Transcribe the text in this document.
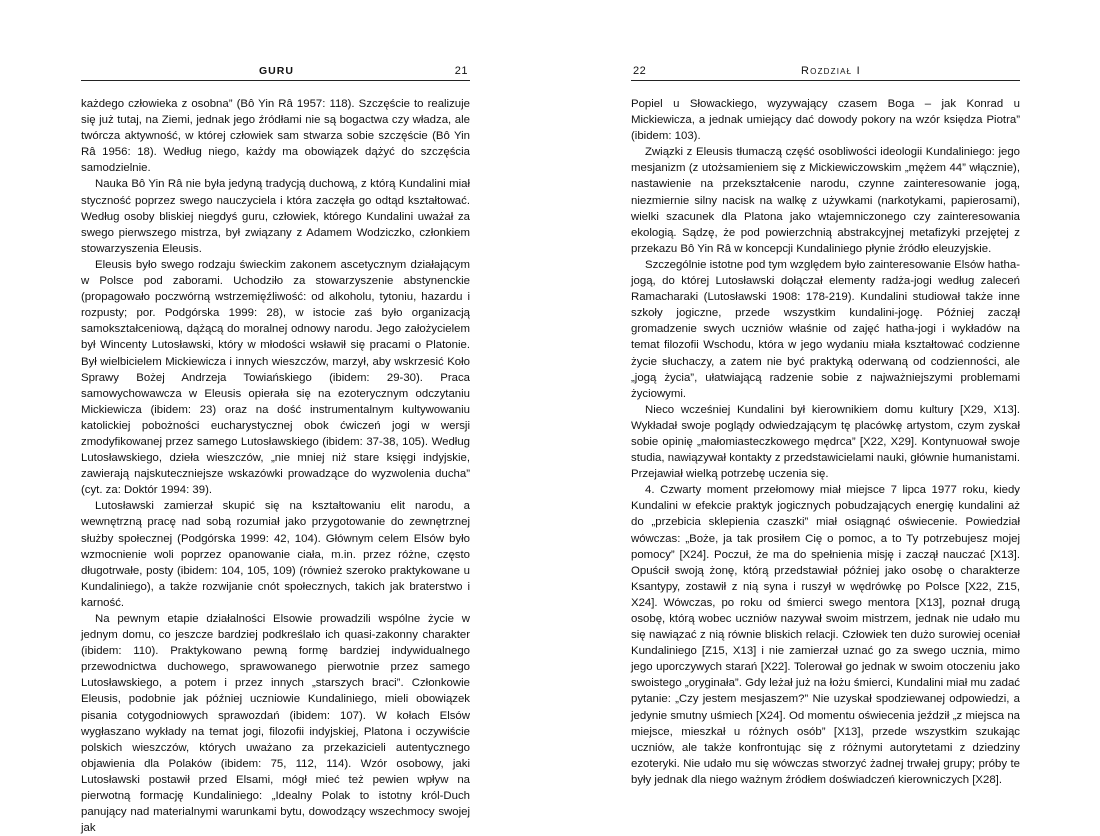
GURU	21

każdego człowieka z osobna” (Bô Yin Râ 1957: 118). Szczęście to realizuje się już tutaj, na Ziemi, jednak jego źródłami nie są bogactwa czy władza, ale twórcza aktywność, w której człowiek sam stwarza sobie szczęście (Bô Yin Râ 1956: 18). Według niego, każdy ma obowiązek dążyć do szczęścia samodzielnie.

Nauka Bô Yin Râ nie była jedyną tradycją duchową, z którą Kundalini miał styczność poprzez swego nauczyciela i która zaczęła go odtąd kształtować. Według osoby bliskiej niegdyś guru, człowiek, którego Kundalini uważał za swego pierwszego mistrza, był związany z Adamem Wodziczko, członkiem stowarzyszenia Eleusis.

Eleusis było swego rodzaju świeckim zakonem ascetycznym działającym w Polsce pod zaborami. Uchodziło za stowarzyszenie abstynenckie (propagowało poczwórną wstrzemięźliwość: od alkoholu, tytoniu, hazardu i rozpusty; por. Podgórska 1999: 28), w istocie zaś było organizacją samokształceniową, dążącą do moralnej odnowy narodu. Jego założycielem był Wincenty Lutosławski, który w młodości wsławił się pracami o Platonie. Był wielbicielem Mickiewicza i innych wieszczów, marzył, aby wskrzesić Koło Sprawy Bożej Andrzeja Towiańskiego (ibidem: 29-30). Praca samowychowawcza w Eleusis opierała się na ezoterycznym odczytaniu Mickiewicza (ibidem: 23) oraz na dość instrumentalnym kultywowaniu katolickiej pobożności eucharystycznej obok ćwiczeń jogi w wersji zmodyfikowanej przez samego Lutosławskiego (ibidem: 37-38, 105). Według Lutosławskiego, dzieła wieszczów, „nie mniej niż stare księgi indyjskie, zawierają najskuteczniejsze wskazówki prowadzące do wyzwolenia ducha” (cyt. za: Doktór 1994: 39).

Lutosławski zamierzał skupić się na kształtowaniu elit narodu, a wewnętrzną pracę nad sobą rozumiał jako przygotowanie do zewnętrznej służby społecznej (Podgórska 1999: 42, 104). Głównym celem Elsów było wzmocnienie woli poprzez opanowanie ciała, m.in. przez różne, często długotrwałe, posty (ibidem: 104, 105, 109) (również szeroko praktykowane u Kundaliniego), a także rozwijanie cnót społecznych, takich jak braterstwo i karność.

Na pewnym etapie działalności Elsowie prowadzili wspólne życie w jednym domu, co jeszcze bardziej podkreślało ich quasi-zakonny charakter (ibidem: 110). Praktykowano pewną formę bardziej indywidualnego przewodnictwa duchowego, sprawowanego pierwotnie przez samego Lutosławskiego, a potem i przez innych „starszych braci”. Członkowie Eleusis, podobnie jak później uczniowie Kundaliniego, mieli obowiązek pisania cotygodniowych sprawozdań (ibidem: 107). W kołach Elsów wygłaszano wykłady na temat jogi, filozofii indyjskiej, Platona i oczywiście polskich wieszczów, których uważano za przekazicieli autentycznego objawienia dla Polaków (ibidem: 75, 112, 114). Wzór osobowy, jaki Lutosławski postawił przed Elsami, mógł mieć też pewien wpływ na pierwotną formację Kundaliniego: „Idealny Polak to istotny król-Duch panujący nad materialnymi warunkami bytu, dowodzący wszechmocy swojej jak

22	Rozdział I

Popiel u Słowackiego, wyzywający czasem Boga – jak Konrad u Mickiewicza, a jednak umiejący dać dowody pokory na wzór księdza Piotra” (ibidem: 103).

Związki z Eleusis tłumaczą część osobliwości ideologii Kundaliniego: jego mesjanizm (z utożsamieniem się z Mickiewiczowskim „mężem 44” włącznie), nastawienie na przekształcenie narodu, czynne zainteresowanie jogą, niezmiernie silny nacisk na walkę z używkami (narkotykami, papierosami), wielki szacunek dla Platona jako wtajemniczonego czy zainteresowania ekologią. Sądzę, że pod powierzchnią abstrakcyjnej metafizyki przejętej z przekazu Bô Yin Râ w koncepcji Kundaliniego płynie źródło eleuzyjskie.

Szczególnie istotne pod tym względem było zainteresowanie Elsów hatha-jogą, do której Lutosławski dołączał elementy radża-jogi według zaleceń Ramacharaki (Lutosławski 1908: 178-219). Kundalini studiował także inne szkoły jogiczne, przede wszystkim kundalini-jogę. Później zaczął gromadzenie swych uczniów właśnie od zajęć hatha-jogi i wykładów na temat filozofii Wschodu, która w jego wydaniu miała kształtować codzienne życie słuchaczy, a zatem nie być praktyką oderwaną od codzienności, ale „jogą życia”, ułatwiającą radzenie sobie z najważniejszymi problemami życiowymi.

Nieco wcześniej Kundalini był kierownikiem domu kultury [X29, X13]. Wykładał swoje poglądy odwiedzającym tę placówkę artystom, czym zyskał sobie opinię „małomiasteczkowego mędrca” [X22, X29]. Kontynuował swoje studia, nawiązywał kontakty z przedstawicielami nauki, głównie humanistami. Przejawiał wielką potrzebę uczenia się.

4. Czwarty moment przełomowy miał miejsce 7 lipca 1977 roku, kiedy Kundalini w efekcie praktyk jogicznych pobudzających energię kundalini aż do „przebicia sklepienia czaszki” miał osiągnąć oświecenie. Powiedział wówczas: „Boże, ja tak prosiłem Cię o pomoc, a to Ty potrzebujesz mojej pomocy” [X24]. Poczuł, że ma do spełnienia misję i zaczął nauczać [X13]. Opuścił swoją żonę, którą przedstawiał później jako osobę o charakterze Ksantypy, zostawił z nią syna i ruszył w wędrówkę po Polsce [X22, Z15, X24]. Wówczas, po roku od śmierci swego mentora [X13], poznał drugą osobę, którą wobec uczniów nazywał swoim mistrzem, jednak nie udało mu się nawiązać z nią równie bliskich relacji. Człowiek ten dużo surowiej oceniał Kundaliniego [Z15, X13] i nie zamierzał uznać go za swego ucznia, mimo jego uporczywych starań [X22]. Tolerował go jednak w swoim otoczeniu jako swoistego „oryginała”. Gdy leżał już na łożu śmierci, Kundalini miał mu zadać pytanie: „Czy jestem mesjaszem?” Nie uzyskał spodziewanej odpowiedzi, a jedynie smutny uśmiech [X24]. Od momentu oświecenia jeździł „z miejsca na miejsce, mieszkał u różnych osób” [X13], przede wszystkim szukając uczniów, ale także konfrontując się z różnymi autorytetami z dziedziny ezoteryki. Nie udało mu się wówczas stworzyć żadnej trwałej grupy; próby te były jednak dla niego ważnym źródłem doświadczeń kierowniczych [X28].
